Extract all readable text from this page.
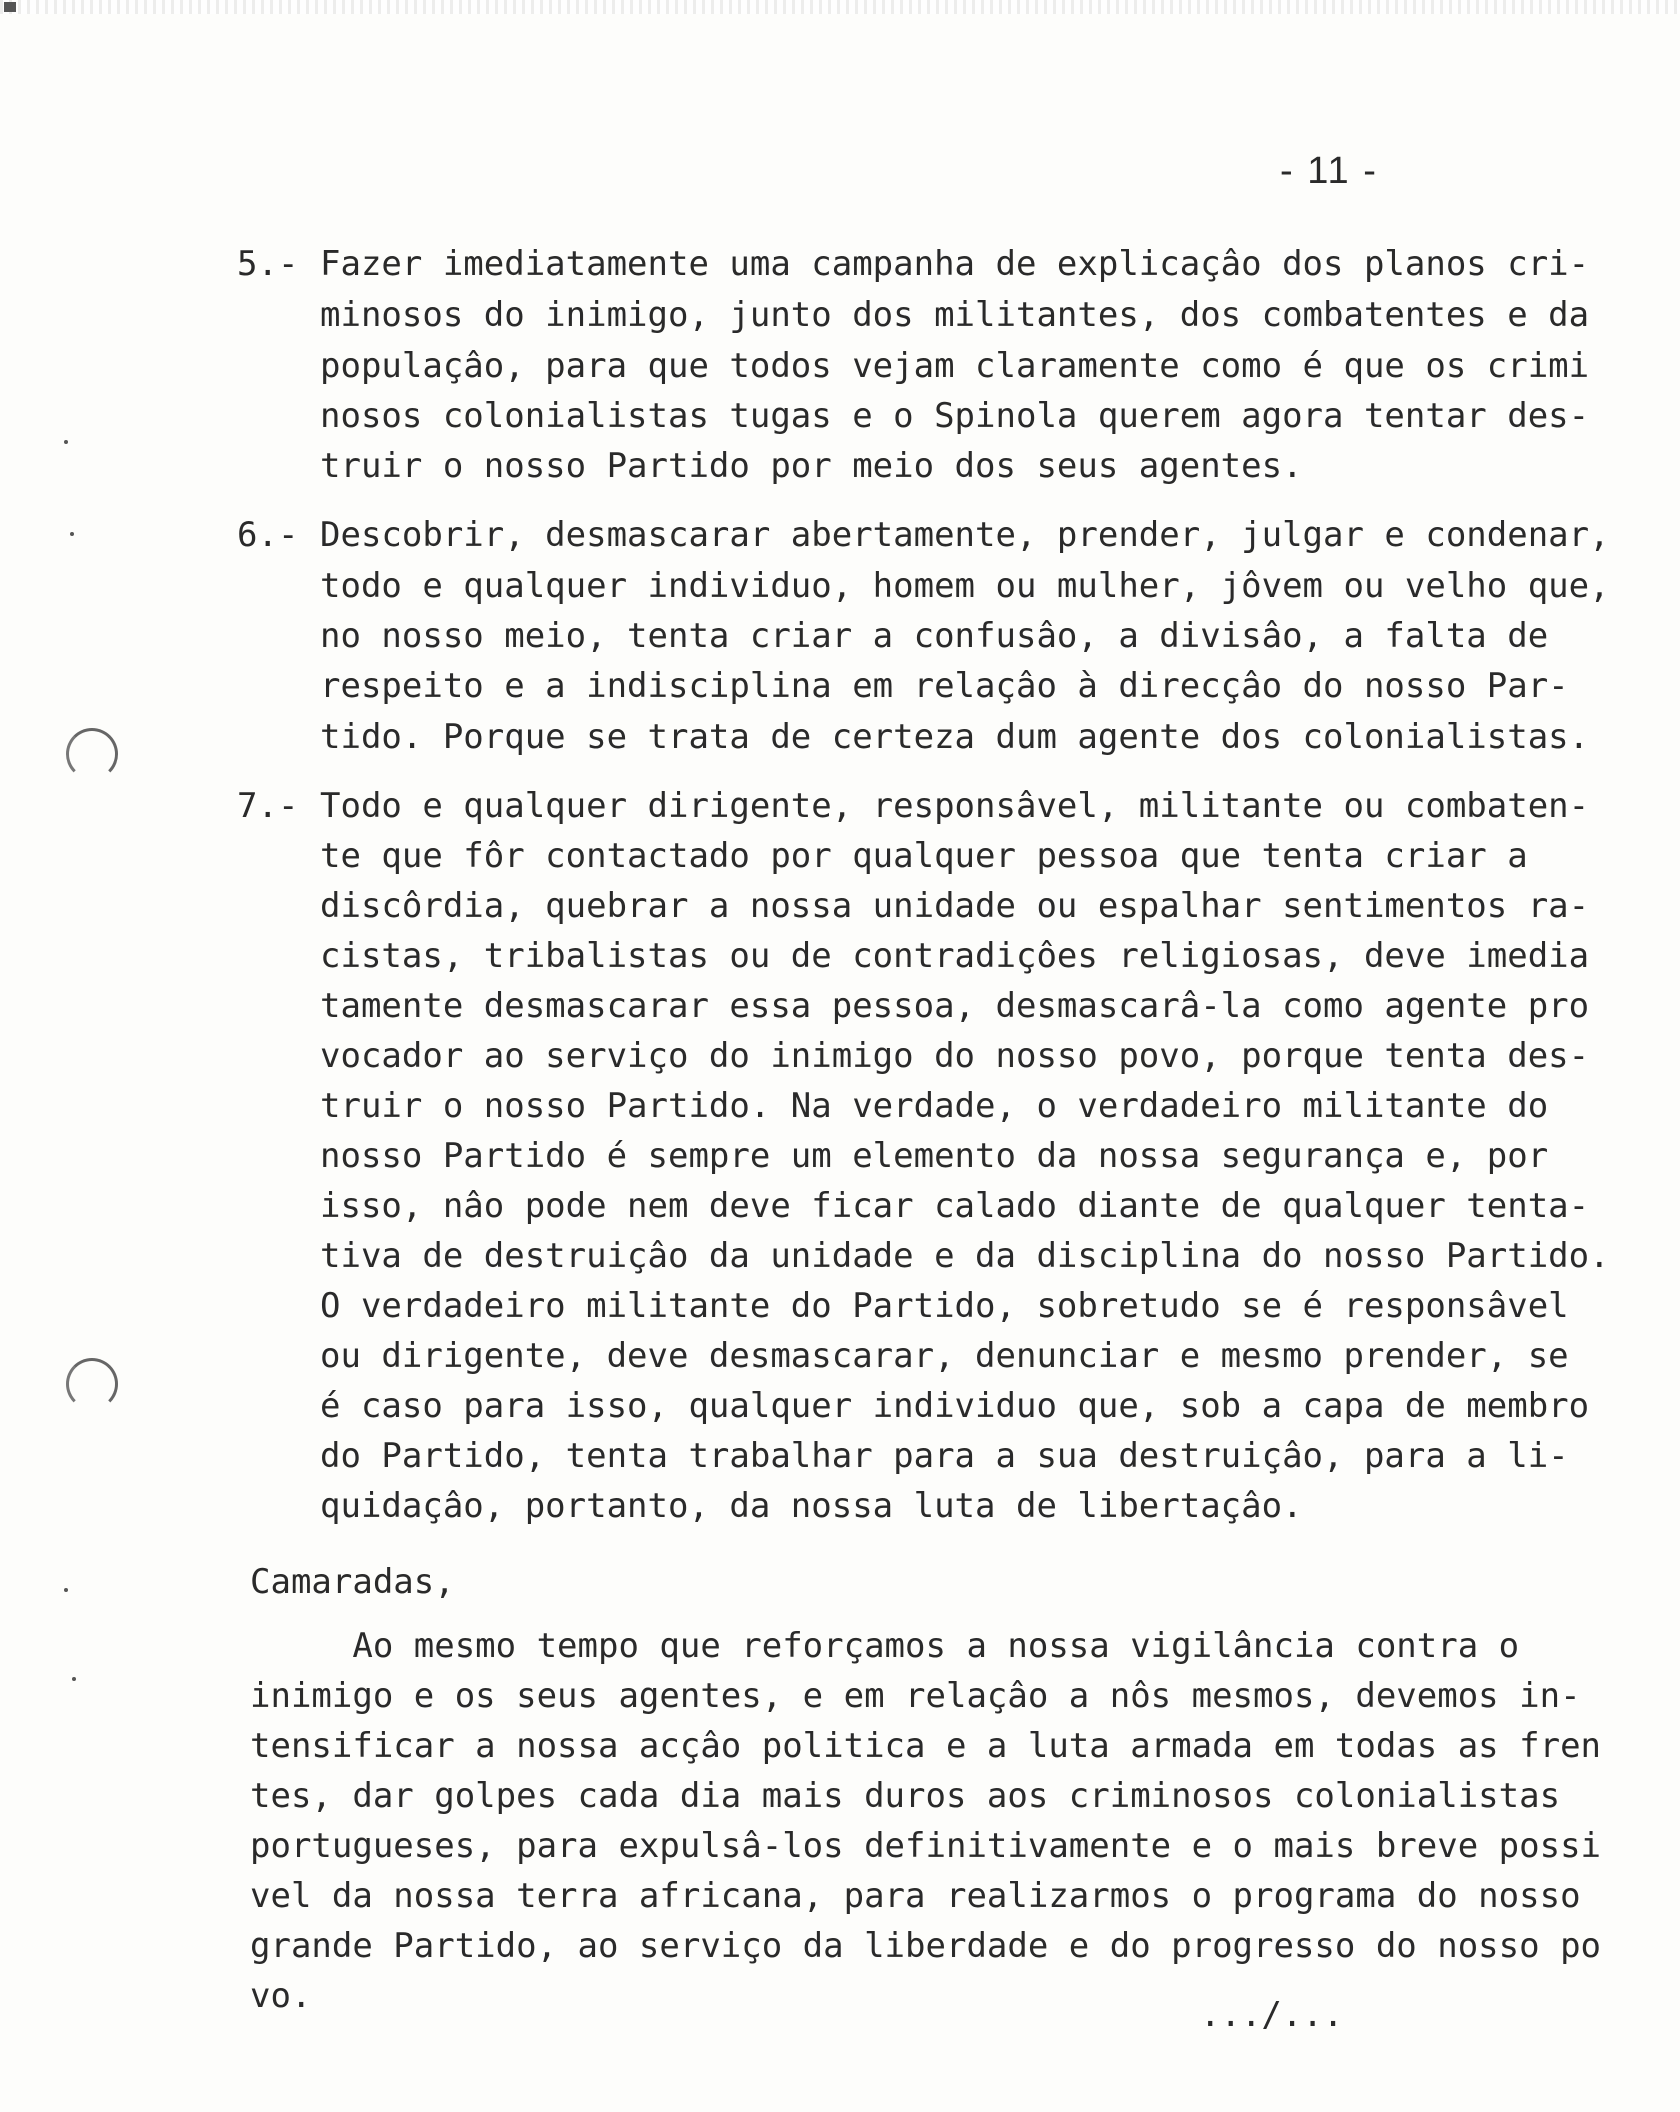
- 11 -
5.- Fazer imediatamente uma campanha de explicaçâo dos planos cri-
minosos do inimigo, junto dos militantes, dos combatentes e da
populaçâo, para que todos vejam claramente como é que os crimi
nosos colonialistas tugas e o Spinola querem agora tentar des-
truir o nosso Partido por meio dos seus agentes.
6.- Descobrir, desmascarar abertamente, prender, julgar e condenar,
todo e qualquer individuo, homem ou mulher, jôvem ou velho que,
no nosso meio, tenta criar a confusâo, a divisâo, a falta de
respeito e a indisciplina em relaçâo à direcçâo do nosso Par-
tido. Porque se trata de certeza dum agente dos colonialistas.
7.- Todo e qualquer dirigente, responsâvel, militante ou combaten-
te que fôr contactado por qualquer pessoa que tenta criar a
discôrdia, quebrar a nossa unidade ou espalhar sentimentos ra-
cistas, tribalistas ou de contradiçôes religiosas, deve imedia
tamente desmascarar essa pessoa, desmascarâ-la como agente pro
vocador ao serviço do inimigo do nosso povo, porque tenta des-
truir o nosso Partido. Na verdade, o verdadeiro militante do
nosso Partido é sempre um elemento da nossa segurança e, por
isso, nâo pode nem deve ficar calado diante de qualquer tenta-
tiva de destruiçâo da unidade e da disciplina do nosso Partido.
O verdadeiro militante do Partido, sobretudo se é responsâvel
ou dirigente, deve desmascarar, denunciar e mesmo prender, se
é caso para isso, qualquer individuo que, sob a capa de membro
do Partido, tenta trabalhar para a sua destruiçâo, para a li-
quidaçâo, portanto, da nossa luta de libertaçâo.
Camaradas,
Ao mesmo tempo que reforçamos a nossa vigilância contra o
inimigo e os seus agentes, e em relaçâo a nôs mesmos, devemos in-
tensificar a nossa acçâo politica e a luta armada em todas as fren
tes, dar golpes cada dia mais duros aos criminosos colonialistas
portugueses, para expulsâ-los definitivamente e o mais breve possi
vel da nossa terra africana, para realizarmos o programa do nosso
grande Partido, ao serviço da liberdade e do progresso do nosso po
vo.	.../...
